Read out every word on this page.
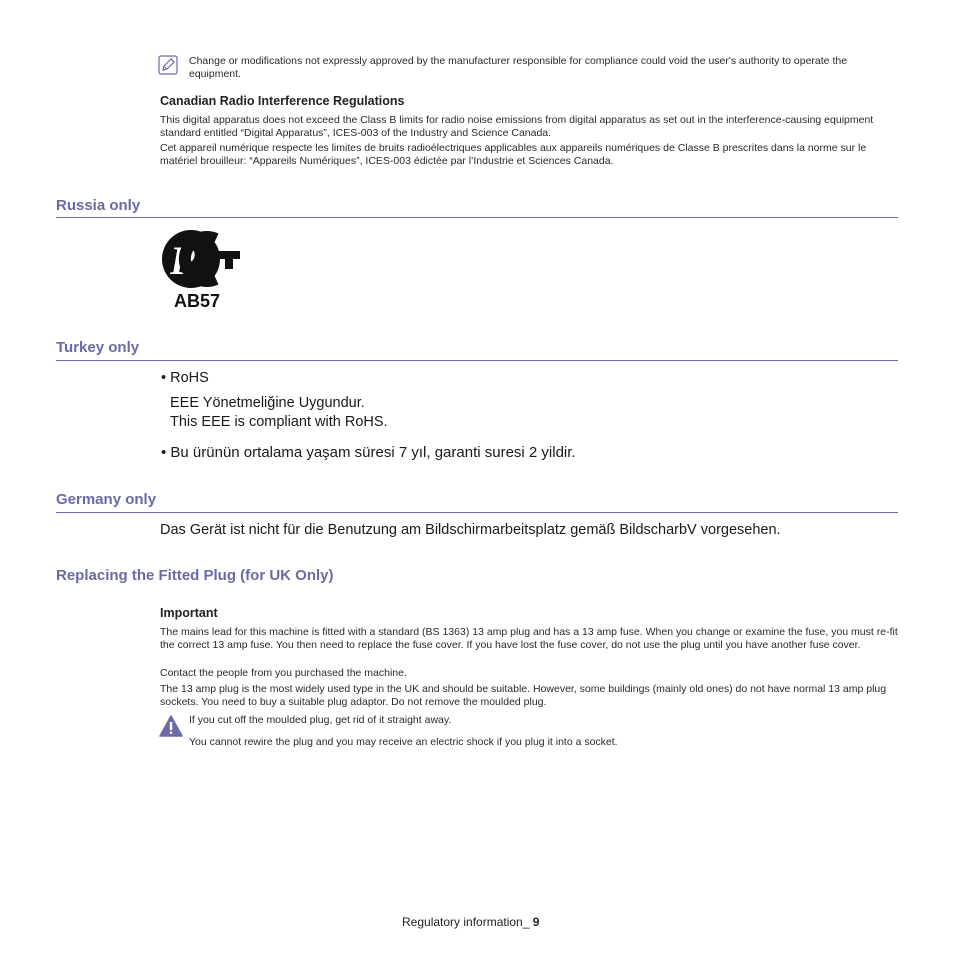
Change or modifications not expressly approved by the manufacturer responsible for compliance could void the user's authority to operate the equipment.
Canadian Radio Interference Regulations
This digital apparatus does not exceed the Class B limits for radio noise emissions from digital apparatus as set out in the interference-causing equipment standard entitled “Digital Apparatus”, ICES-003 of the Industry and Science Canada.
Cet appareil numérique respecte les limites de bruits radioélectriques applicables aux appareils numériques de Classe B prescrites dans la norme sur le matériel brouilleur: “Appareils Numériques”, ICES-003 édictée par l’Industrie et Sciences Canada.
Russia only
P
AB57
Turkey only
• RoHS
EEE Yönetmeliğine Uygundur.
This EEE is compliant with RoHS.
• Bu ürünün ortalama yaşam süresi 7 yıl, garanti suresi 2 yildir.
Germany only
Das Gerät ist nicht für die Benutzung am Bildschirmarbeitsplatz gemäß BildscharbV vorgesehen.
Replacing the Fitted Plug (for UK Only)
Important
The mains lead for this machine is fitted with a standard (BS 1363) 13 amp plug and has a 13 amp fuse. When you change or examine the fuse, you must re-fit the correct 13 amp fuse. You then need to replace the fuse cover. If you have lost the fuse cover, do not use the plug until you have another fuse cover.
Contact the people from you purchased the machine.
The 13 amp plug is the most widely used type in the UK and should be suitable. However, some buildings (mainly old ones) do not have normal 13 amp plug sockets. You need to buy a suitable plug adaptor. Do not remove the moulded plug.
If you cut off the moulded plug, get rid of it straight away.
You cannot rewire the plug and you may receive an electric shock if you plug it into a socket.
Regulatory information_ 9
